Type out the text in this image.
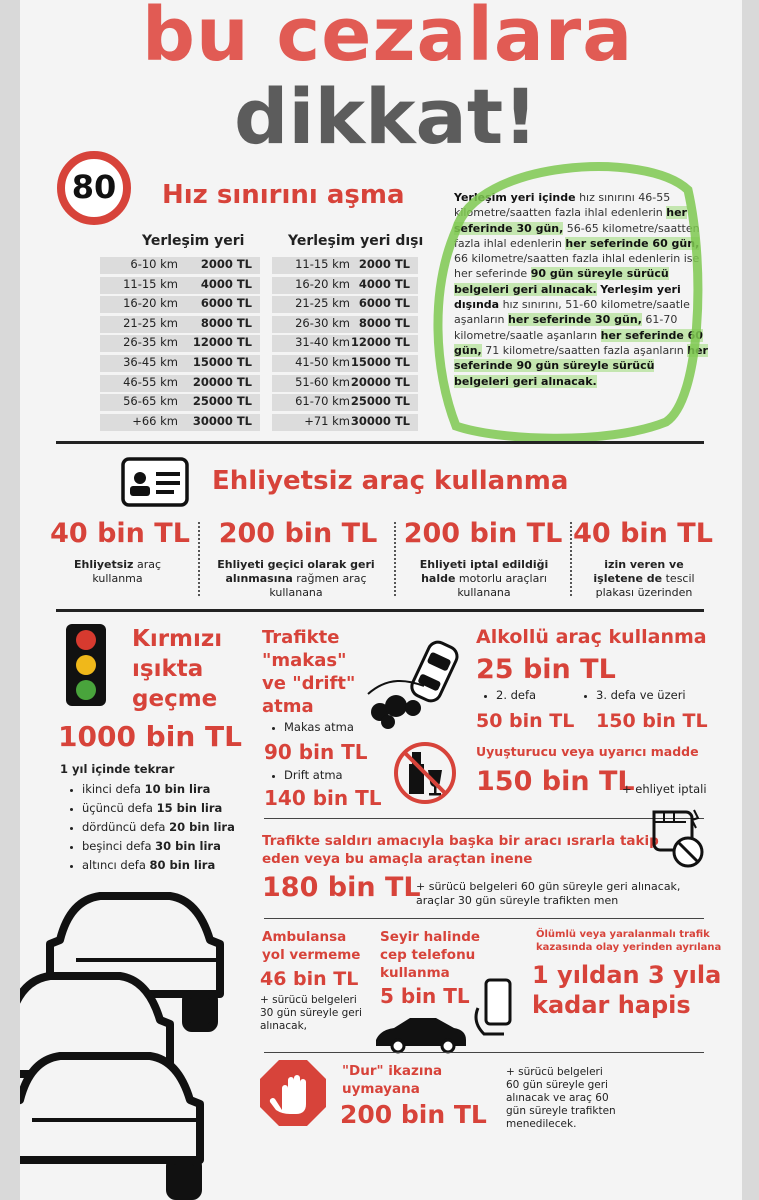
bu cezalara
dikkat!
80	Hız sınırını aşma
Yerleşim yeri	Yerleşim yeri dışı
6-10 km 2000 TL
11-15 km 4000 TL
16-20 km 6000 TL
21-25 km 8000 TL
26-35 km 12000 TL
36-45 km 15000 TL
46-55 km 20000 TL
56-65 km 25000 TL
+66 km 30000 TL
11-15 km 2000 TL
16-20 km 4000 TL
21-25 km 6000 TL
26-30 km 8000 TL
31-40 km 12000 TL
41-50 km 15000 TL
51-60 km 20000 TL
61-70 km 25000 TL
+71 km 30000 TL
Yerleşim yeri içinde hız sınırını 46-55 kilometre/saatten fazla ihlal edenlerin her seferinde 30 gün, 56-65 kilometre/saatten fazla ihlal edenlerin her seferinde 60 gün, 66 kilometre/saatten fazla ihlal edenlerin ise her seferinde 90 gün süreyle sürücü belgeleri geri alınacak. Yerleşim yeri dışında hız sınırını, 51-60 kilometre/saatle aşanların her seferinde 30 gün, 61-70 kilometre/saatle aşanların her seferinde 60 gün, 71 kilometre/saatten fazla aşanların her seferinde 90 gün süreyle sürücü belgeleri geri alınacak.
Ehliyetsiz araç kullanma
40 bin TL	200 bin TL 200 bin TL 40 bin TL
Ehliyetsiz araç kullanma
Ehliyeti geçici olarak geri alınmasına rağmen araç kullanana
Ehliyeti iptal edildiği halde motorlu araçları kullanana
izin veren ve işletene de tescil plakası üzerinden
Kırmızı
ışıkta
geçme
1000 bin TL
1 yıl içinde tekrar
• ikinci defa 10 bin lira
• üçüncü defa 15 bin lira
• dördüncü defa 20 bin lira
• beşinci defa 30 bin lira
• altıncı defa 80 bin lira
Trafikte
"makas"
ve "drift"
atma
• Makas atma
90 bin TL
• Drift atma
140 bin TL
Alkollü araç kullanma
25 bin TL
• 2. defa
•	3. defa ve üzeri
50 bin TL 150 bin TL
Uyuşturucu veya uyarıcı madde
150 bin TL
+ ehliyet iptali
Trafikte saldırı amacıyla başka bir aracı ısrarla takip
eden veya bu amaçla araçtan inene
180 bin TL
+ sürücü belgeleri 60 gün süreyle geri alınacak,
araçlar 30 gün süreyle trafikten men
Ambulansa
yol vermeme
46 bin TL
+ sürücü belgeleri
30 gün süreyle geri
alınacak,
Seyir halinde
cep telefonu
kullanma
5 bin TL
Ölümlü veya yaralanmalı trafik
kazasında olay yerinden ayrılana
1 yıldan 3 yıla
kadar hapis
"Dur" ikazına
uymayana
200 bin TL
+ sürücü belgeleri
60 gün süreyle geri
alınacak ve araç 60
gün süreyle trafikten
menedilecek.
